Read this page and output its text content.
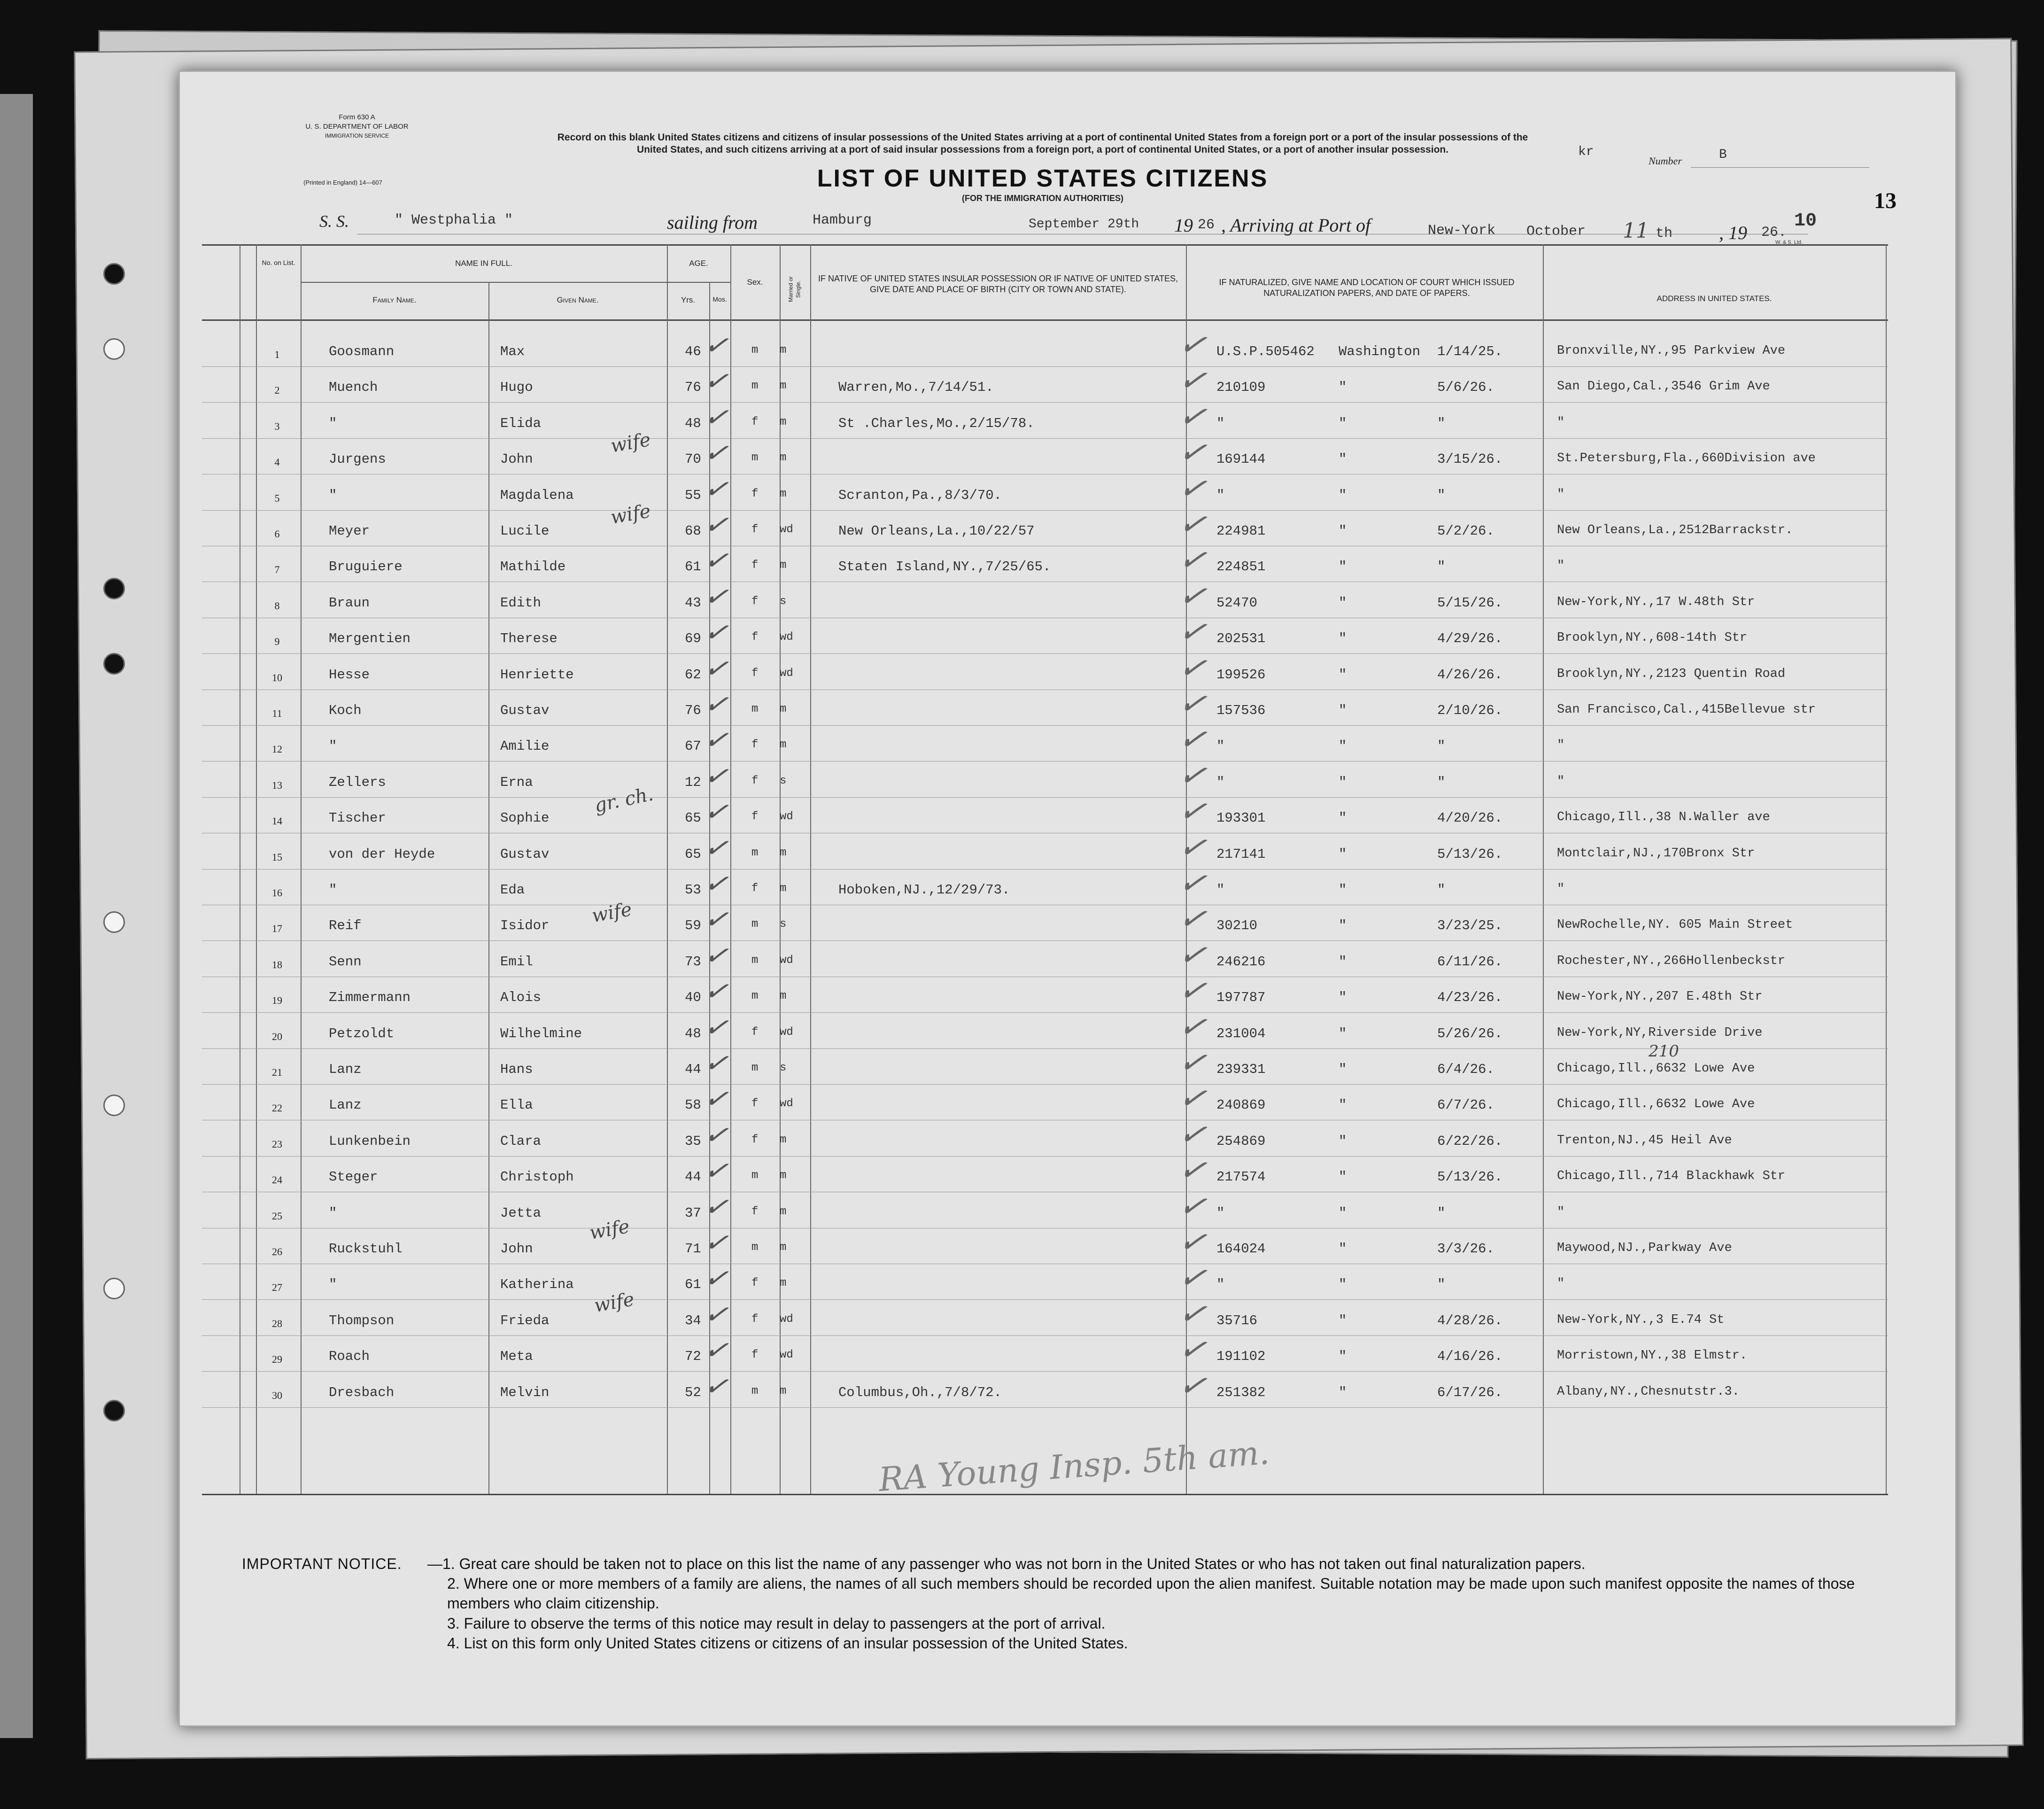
13
Form 630 A
U. S. DEPARTMENT OF LABOR
IMMIGRATION SERVICE
(Printed in England) 14—607
Record on this blank United States citizens and citizens of insular possessions of the United States arriving at a port of continental United States from a foreign port or a port of the insular possessions of the United States, and such citizens arriving at a port of said insular possessions from a foreign port, a port of continental United States, or a port of another insular possession.
LIST OF UNITED STATES CITIZENS
(FOR THE IMMIGRATION AUTHORITIES)
kr
Number	B
S. S.	" Westphalia "	sailing from	Hamburg	September 29th 19 26 , Arriving at Port of	New-York October 11 th , 19 26.
10
W. & S. Ltd.
No. on List.	NAME IN FULL.
Family Name.	Given Name.
AGE.
Yrs.	Mos.
Sex.	Married or Single.
IF NATIVE OF UNITED STATES INSULAR POSSESSION OR IF NATIVE OF UNITED STATES, GIVE DATE AND PLACE OF BIRTH (CITY OR TOWN AND STATE).
IF NATURALIZED, GIVE NAME AND LOCATION OF COURT WHICH ISSUED NATURALIZATION PAPERS, AND DATE OF PAPERS.
ADDRESS IN UNITED STATES.
1	Goosmann	Max	46	m m	U.S.P.505462 Washington 1/14/25.	Bronxville,NY.,95 Parkview Ave
✓	✓
2	Muench	Hugo	76	m m	Warren,Mo.,7/14/51.	210109	"	5/6/26.	San Diego,Cal.,3546 Grim Ave
✓	✓
3	"	Elida	48	f m	St .Charles,Mo.,2/15/78.	"	"	"	"
✓	✓
4	Jurgens	John	70	m m	169144	"	3/15/26.	St.Petersburg,Fla.,660Division ave
✓	✓
5	"	Magdalena	55	f m	Scranton,Pa.,8/3/70.	"	"	"	"
✓	✓
6	Meyer	Lucile	68	f wd	New Orleans,La.,10/22/57	224981	"	5/2/26.	New Orleans,La.,2512Barrackstr.
✓	✓
7	Bruguiere	Mathilde	61	f m	Staten Island,NY.,7/25/65.	224851	"	"	"
✓	✓
8	Braun	Edith	43	f s	52470	"	5/15/26.	New-York,NY.,17 W.48th Str
✓	✓
9	Mergentien	Therese	69	f wd	202531	"	4/29/26.	Brooklyn,NY.,608-14th Str
✓	✓
10	Hesse	Henriette	62	f wd	199526	"	4/26/26.	Brooklyn,NY.,2123 Quentin Road
✓	✓
11	Koch	Gustav	76	m m	157536	"	2/10/26.	San Francisco,Cal.,415Bellevue str
✓	✓
12	"	Amilie	67	f m	"	"	"	"
✓	✓
13	Zellers	Erna	12	f s	"	"	"	"
✓	✓
14	Tischer	Sophie	65	f wd	193301	"	4/20/26.	Chicago,Ill.,38 N.Waller ave
✓	✓
15	von der Heyde	Gustav	65	m m	217141	"	5/13/26.	Montclair,NJ.,170Bronx Str
✓	✓
16	"	Eda	53	f m	Hoboken,NJ.,12/29/73.	"	"	"	"
✓	✓
17	Reif	Isidor	59	m s	30210	"	3/23/25.	NewRochelle,NY. 605 Main Street
✓	✓
18	Senn	Emil	73	m wd	246216	"	6/11/26.	Rochester,NY.,266Hollenbeckstr
✓	✓
19	Zimmermann	Alois	40	m m	197787	"	4/23/26.	New-York,NY.,207 E.48th Str
✓	✓
20	Petzoldt	Wilhelmine	48	f wd	231004	"	5/26/26.	New-York,NY,Riverside Drive
✓	✓
21	Lanz	Hans	44	m s	239331	"	6/4/26.	Chicago,Ill.,6632 Lowe Ave
✓	✓
22	Lanz	Ella	58	f wd	240869	"	6/7/26.	Chicago,Ill.,6632 Lowe Ave
✓	✓
23	Lunkenbein	Clara	35	f m	254869	"	6/22/26.	Trenton,NJ.,45 Heil Ave
✓	✓
24	Steger	Christoph	44	m m	217574	"	5/13/26.	Chicago,Ill.,714 Blackhawk Str
✓	✓
25	"	Jetta	37	f m	"	"	"	"
✓	✓
26	Ruckstuhl	John	71	m m	164024	"	3/3/26.	Maywood,NJ.,Parkway Ave
✓	✓
27	"	Katherina	61	f m	"	"	"	"
✓	✓
28	Thompson	Frieda	34	f wd	35716	"	4/28/26.	New-York,NY.,3 E.74 St
✓	✓
29	Roach	Meta	72	f wd	191102	"	4/16/26.	Morristown,NY.,38 Elmstr.
✓	✓
30	Dresbach	Melvin	52	m m	Columbus,Oh.,7/8/72.	251382	"	6/17/26.	Albany,NY.,Chesnutstr.3.
✓	✓
wife
wife
gr. ch.
wife
wife
wife
210
RA Young Insp. 5th am.
IMPORTANT NOTICE. —1. Great care should be taken not to place on this list the name of any passenger who was not born in the United States or who has not taken out final naturalization papers.
2. Where one or more members of a family are aliens, the names of all such members should be recorded upon the alien manifest. Suitable notation may be made upon such manifest opposite the names of those members who claim citizenship.
3. Failure to observe the terms of this notice may result in delay to passengers at the port of arrival.
4. List on this form only United States citizens or citizens of an insular possession of the United States.
